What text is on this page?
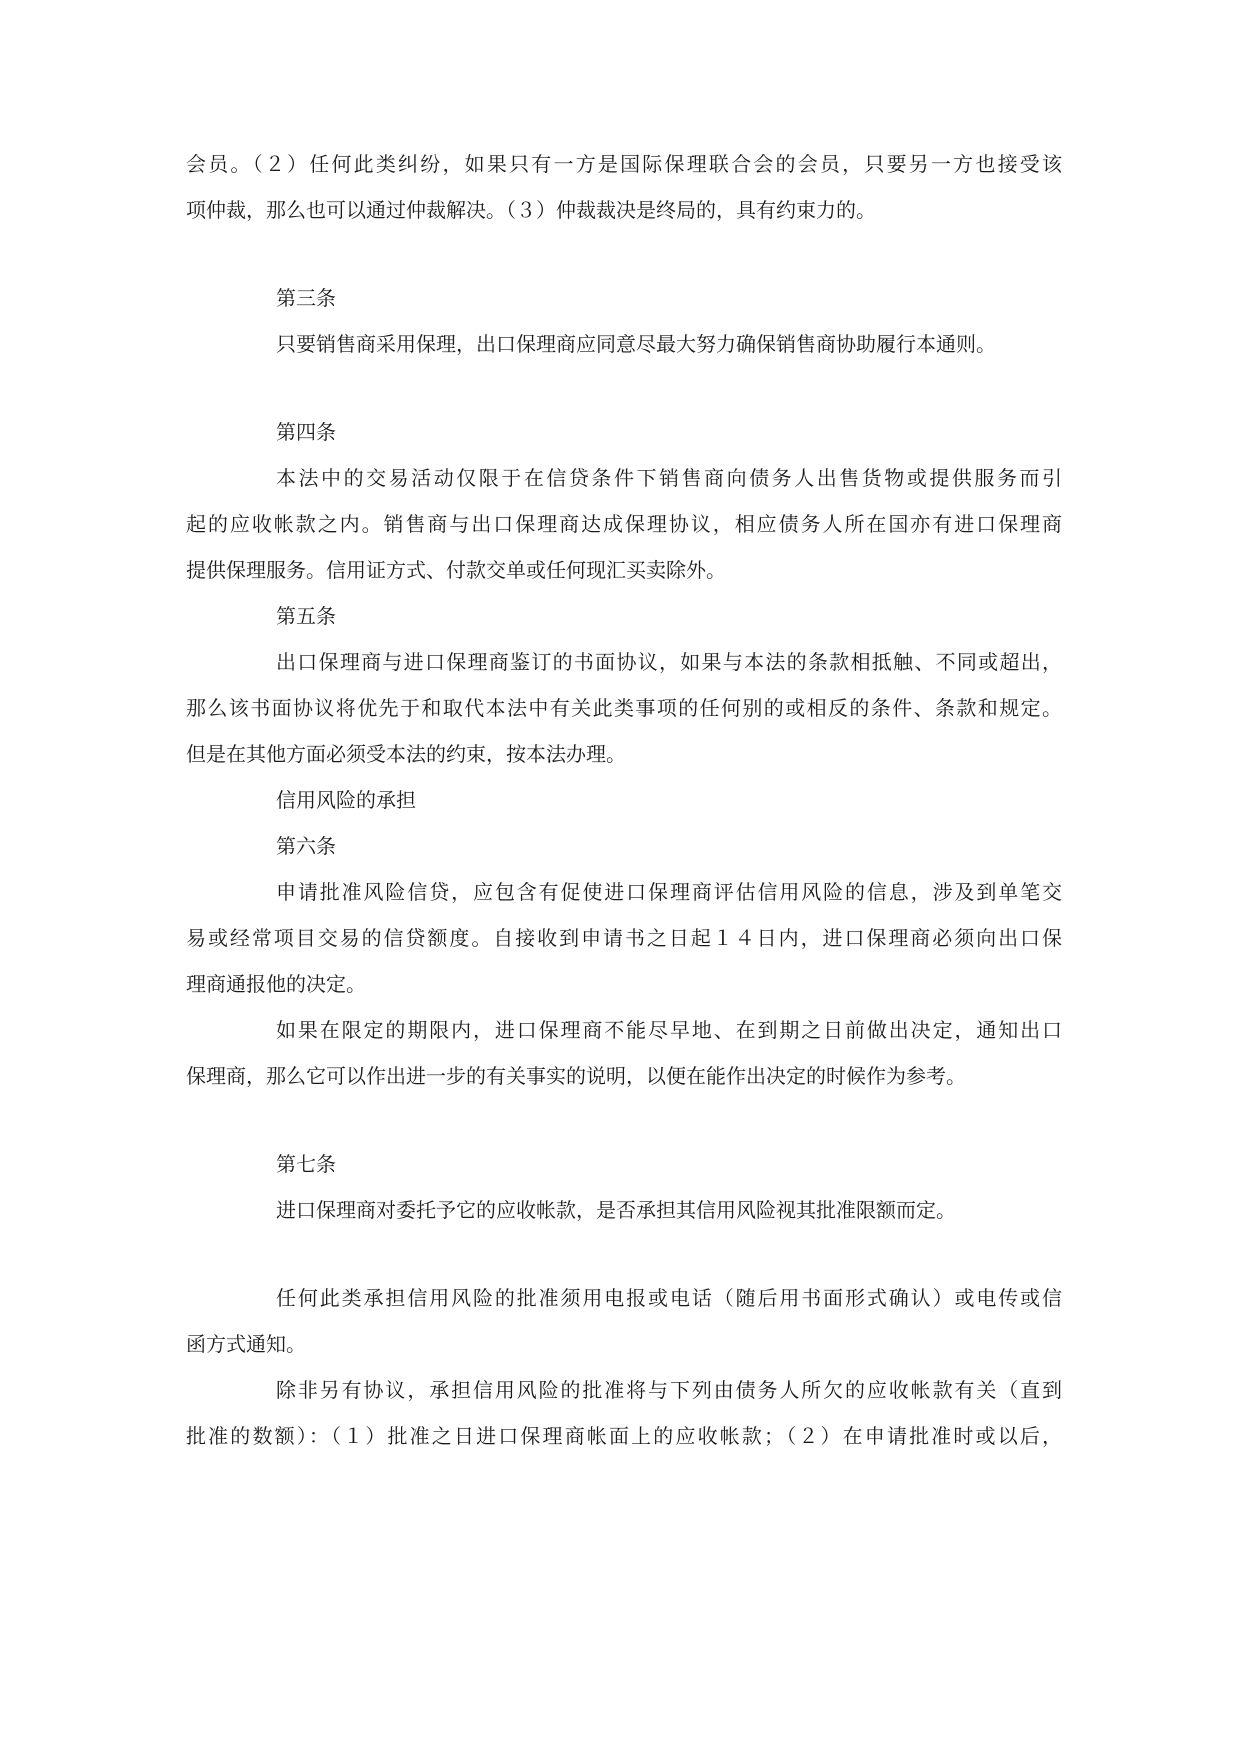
会员。（２）任何此类纠纷，如果只有一方是国际保理联合会的会员，只要另一方也接受该
项仲裁，那么也可以通过仲裁解决。（３）仲裁裁决是终局的，具有约束力的。
第三条
只要销售商采用保理，出口保理商应同意尽最大努力确保销售商协助履行本通则。
第四条
本法中的交易活动仅限于在信贷条件下销售商向债务人出售货物或提供服务而引
起的应收帐款之内。销售商与出口保理商达成保理协议，相应债务人所在国亦有进口保理商
提供保理服务。信用证方式、付款交单或任何现汇买卖除外。
第五条
出口保理商与进口保理商鉴订的书面协议，如果与本法的条款相抵触、不同或超出，
那么该书面协议将优先于和取代本法中有关此类事项的任何别的或相反的条件、条款和规定。
但是在其他方面必须受本法的约束，按本法办理。
信用风险的承担
第六条
申请批准风险信贷，应包含有促使进口保理商评估信用风险的信息，涉及到单笔交
易或经常项目交易的信贷额度。自接收到申请书之日起１４日内，进口保理商必须向出口保
理商通报他的决定。
如果在限定的期限内，进口保理商不能尽早地、在到期之日前做出决定，通知出口
保理商，那么它可以作出进一步的有关事实的说明，以便在能作出决定的时候作为参考。
第七条
进口保理商对委托予它的应收帐款，是否承担其信用风险视其批准限额而定。
任何此类承担信用风险的批准须用电报或电话（随后用书面形式确认）或电传或信
函方式通知。
除非另有协议，承担信用风险的批准将与下列由债务人所欠的应收帐款有关（直到
批准的数额）：（１）批准之日进口保理商帐面上的应收帐款；（２）在申请批准时或以后，
